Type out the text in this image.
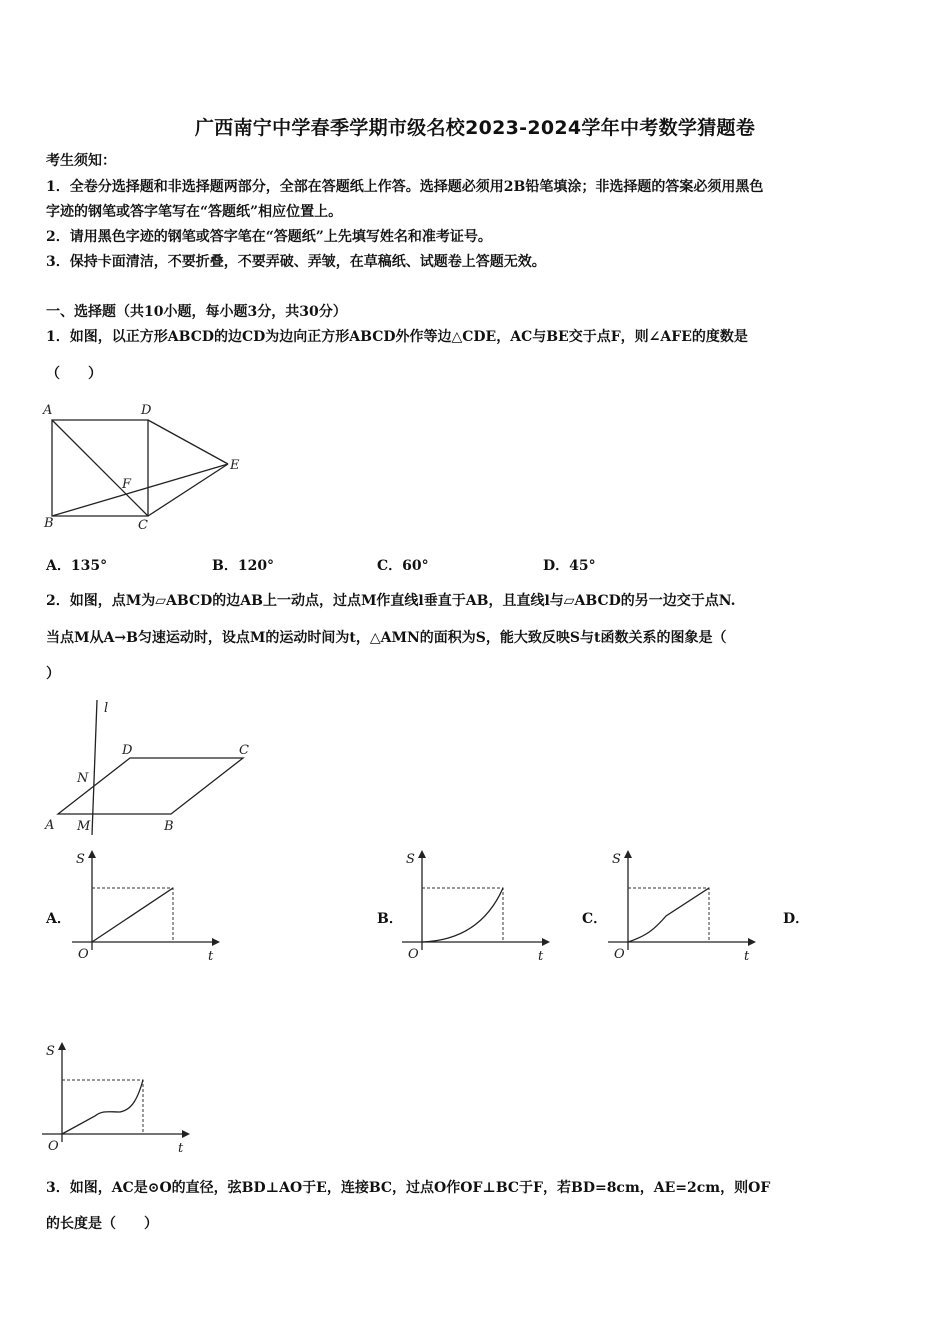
广西南宁中学春季学期市级名校2023-2024学年中考数学猜题卷
考生须知：
1．全卷分选择题和非选择题两部分，全部在答题纸上作答。选择题必须用2B铅笔填涂；非选择题的答案必须用黑色
字迹的钢笔或答字笔写在“答题纸”相应位置上。
2．请用黑色字迹的钢笔或答字笔在“答题纸”上先填写姓名和准考证号。
3．保持卡面清洁，不要折叠，不要弄破、弄皱，在草稿纸、试题卷上答题无效。
一、选择题（共10小题，每小题3分，共30分）
1．如图，以正方形ABCD的边CD为边向正方形ABCD外作等边△CDE，AC与BE交于点F，则∠AFE的度数是
（　　）
A	D
E
F
B	C
A．135°	B．120°	C．60°	D．45°
2．如图，点M为▱ABCD的边AB上一动点，过点M作直线l垂直于AB，且直线l与▱ABCD的另一边交于点N.
当点M从A→B匀速运动时，设点M的运动时间为t，△AMN的面积为S，能大致反映S与t函数关系的图象是（
）
l
D	C
N
A M	B
A．
S
O	t
B．
S
O	t
C．
S
O	t
D．
S
O	t
3．如图，AC是⊙O的直径，弦BD⊥AO于E，连接BC，过点O作OF⊥BC于F，若BD=8cm，AE=2cm，则OF
的长度是（　　）
